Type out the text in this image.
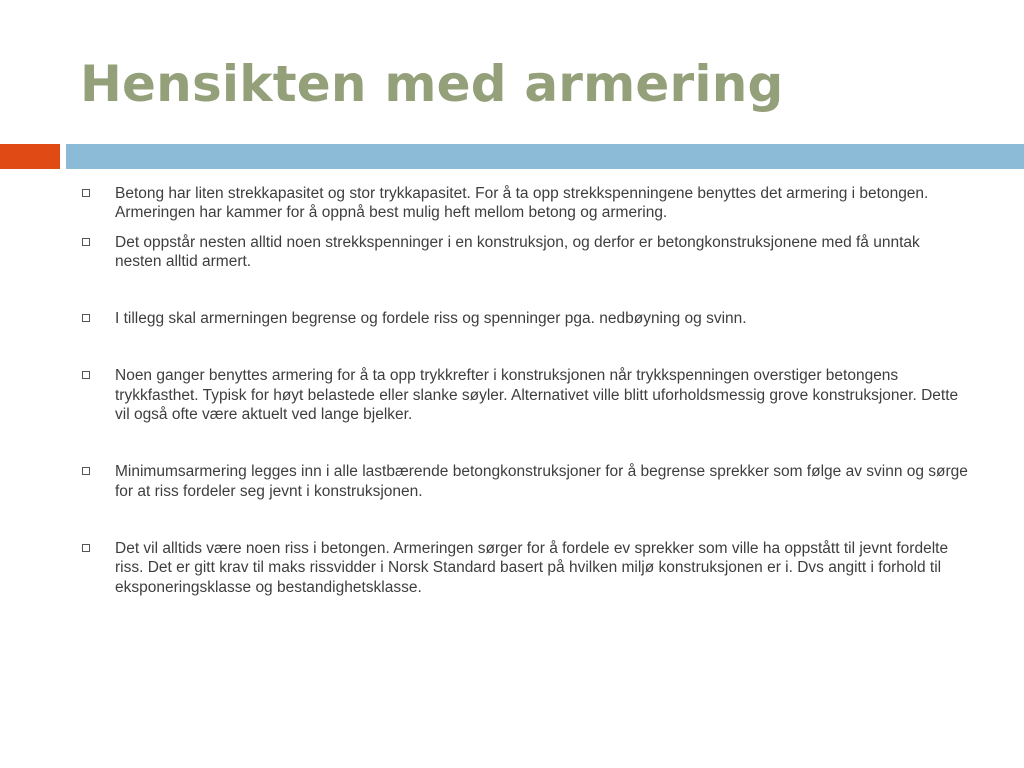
Hensikten med armering
Betong har liten strekkapasitet og stor trykkapasitet. For å ta opp strekkspenningene benyttes det armering i betongen. Armeringen har kammer for å oppnå best mulig heft mellom betong og armering.
Det oppstår nesten alltid noen strekkspenninger i en konstruksjon, og derfor er betongkonstruksjonene med få unntak nesten alltid armert.
I tillegg skal armerningen begrense og fordele riss og spenninger pga. nedbøyning og svinn.
Noen ganger benyttes armering for å ta opp trykkrefter i konstruksjonen når trykkspenningen overstiger betongens trykkfasthet. Typisk for høyt belastede eller slanke søyler. Alternativet ville blitt uforholdsmessig grove konstruksjoner. Dette vil også ofte være aktuelt ved lange bjelker.
Minimumsarmering legges inn i alle lastbærende betongkonstruksjoner for å begrense sprekker som følge av svinn og sørge for at riss fordeler seg jevnt i konstruksjonen.
Det vil alltids være noen riss i betongen. Armeringen sørger for å fordele ev sprekker som ville ha oppstått til jevnt fordelte riss. Det er gitt krav til maks rissvidder i Norsk Standard basert på hvilken miljø konstruksjonen er i. Dvs angitt i forhold til eksponeringsklasse og bestandighetsklasse.
